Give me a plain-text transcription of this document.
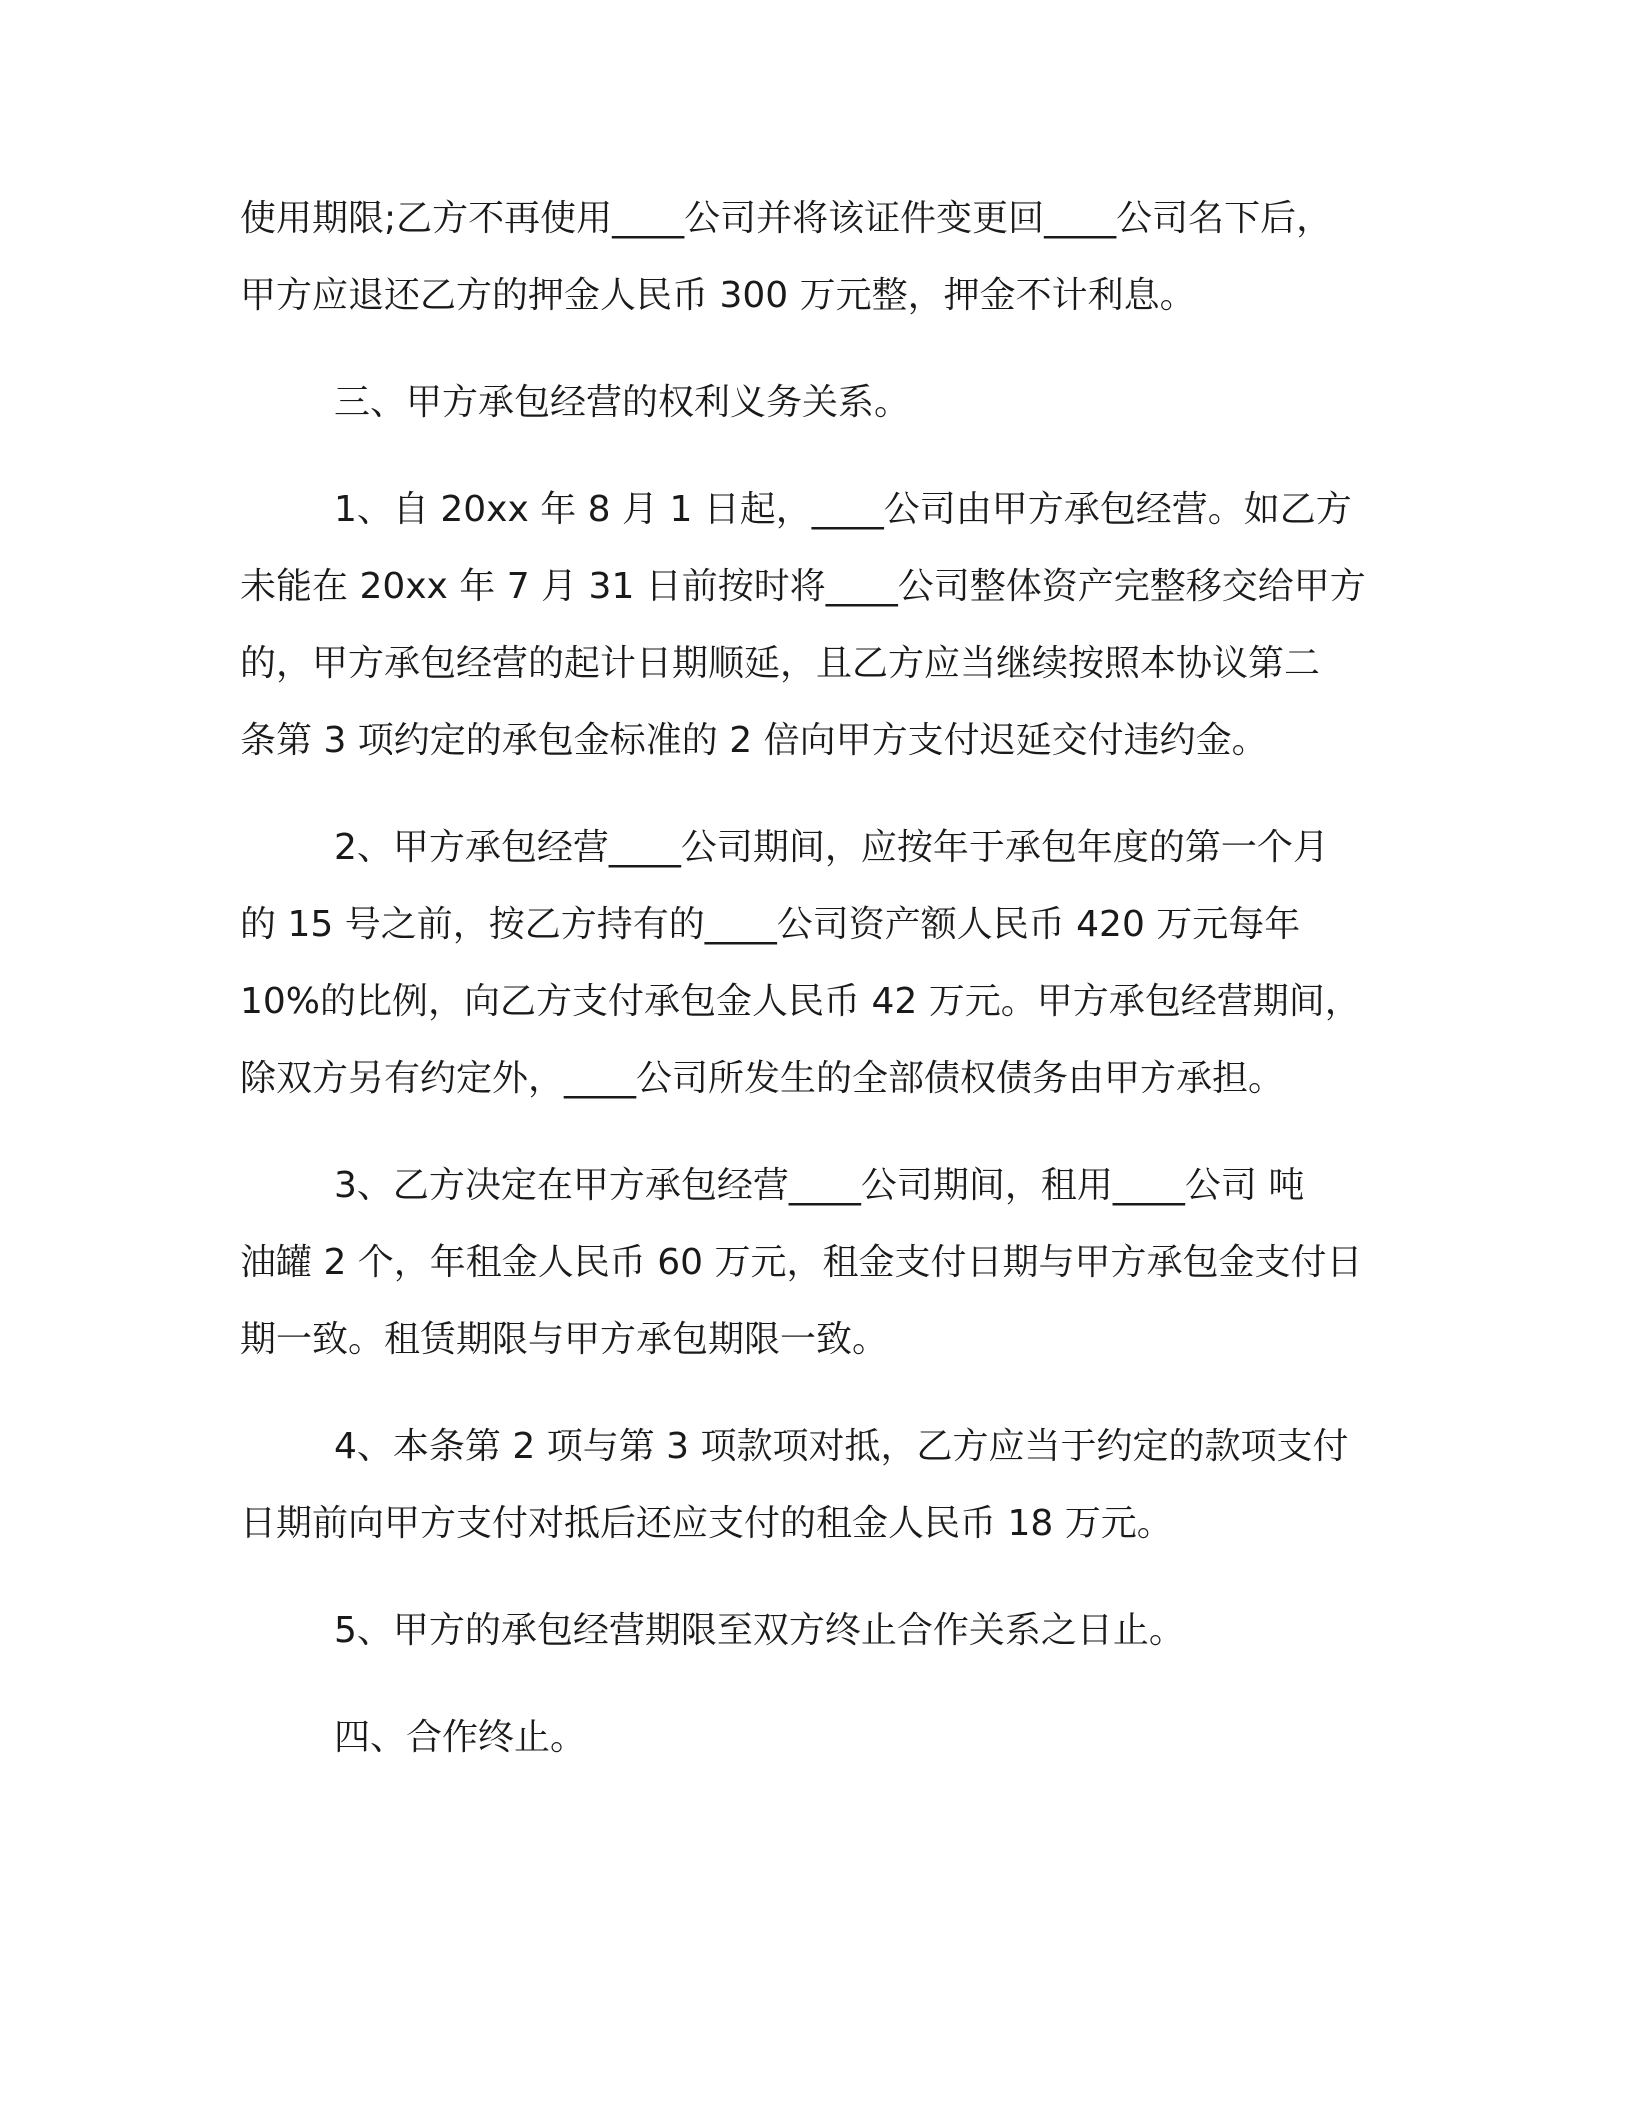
使用期限;乙方不再使用____公司并将该证件变更回____公司名下后，
甲方应退还乙方的押金人民币 300 万元整，押金不计利息。

三、甲方承包经营的权利义务关系。

1、自 20xx 年 8 月 1 日起，____公司由甲方承包经营。如乙方
未能在 20xx 年 7 月 31 日前按时将____公司整体资产完整移交给甲方
的，甲方承包经营的起计日期顺延，且乙方应当继续按照本协议第二
条第 3 项约定的承包金标准的 2 倍向甲方支付迟延交付违约金。

2、甲方承包经营____公司期间，应按年于承包年度的第一个月
的 15 号之前，按乙方持有的____公司资产额人民币 420 万元每年
10%的比例，向乙方支付承包金人民币 42 万元。甲方承包经营期间，
除双方另有约定外，____公司所发生的全部债权债务由甲方承担。

3、乙方决定在甲方承包经营____公司期间，租用____公司 吨
油罐 2 个，年租金人民币 60 万元，租金支付日期与甲方承包金支付日
期一致。租赁期限与甲方承包期限一致。

4、本条第 2 项与第 3 项款项对抵，乙方应当于约定的款项支付
日期前向甲方支付对抵后还应支付的租金人民币 18 万元。

5、甲方的承包经营期限至双方终止合作关系之日止。

四、合作终止。
